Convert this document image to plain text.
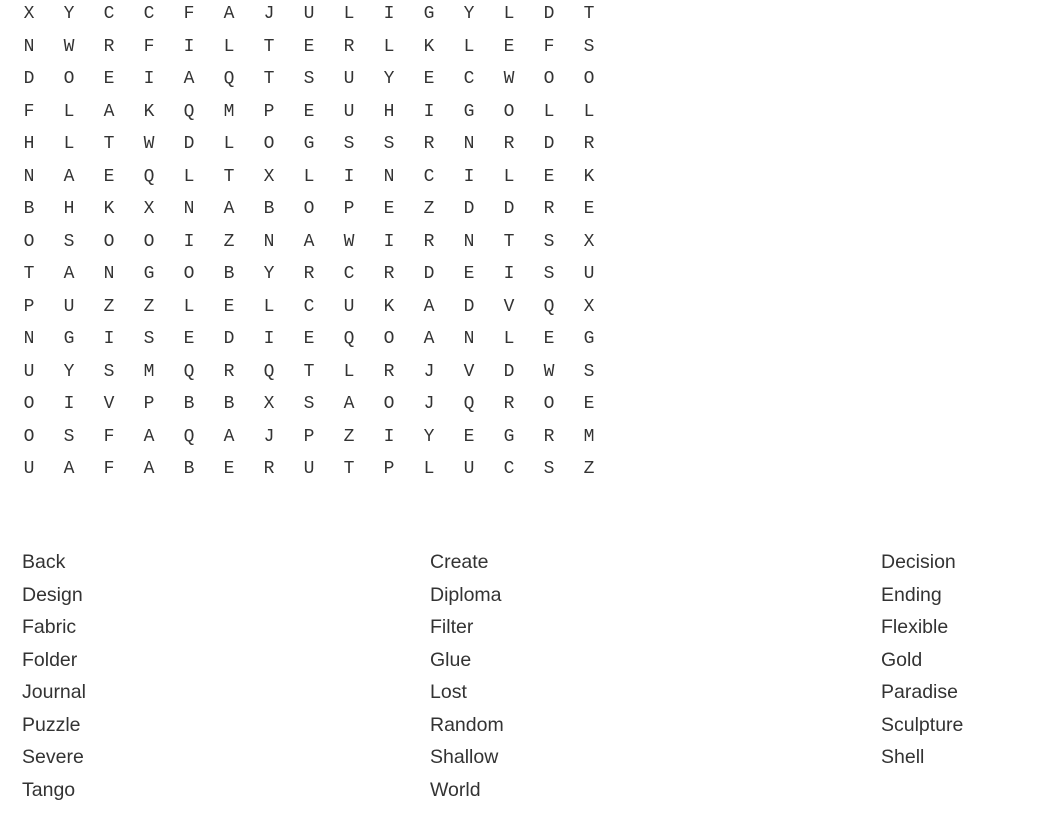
X	Y	C	C	F	A	J	U	L	I	G	Y	L	D	T
N	W	R	F	I	L	T	E	R	L	K	L	E	F	S
D	O	E	I	A	Q	T	S	U	Y	E	C	W	O	O
F	L	A	K	Q	M	P	E	U	H	I	G	O	L	L
H	L	T	W	D	L	O	G	S	S	R	N	R	D	R
N	A	E	Q	L	T	X	L	I	N	C	I	L	E	K
B	H	K	X	N	A	B	O	P	E	Z	D	D	R	E
O	S	O	O	I	Z	N	A	W	I	R	N	T	S	X
T	A	N	G	O	B	Y	R	C	R	D	E	I	S	U
P	U	Z	Z	L	E	L	C	U	K	A	D	V	Q	X
N	G	I	S	E	D	I	E	Q	O	A	N	L	E	G
U	Y	S	M	Q	R	Q	T	L	R	J	V	D	W	S
O	I	V	P	B	B	X	S	A	O	J	Q	R	O	E
O	S	F	A	Q	A	J	P	Z	I	Y	E	G	R	M
U	A	F	A	B	E	R	U	T	P	L	U	C	S	Z
Back
Design
Fabric
Folder
Journal
Puzzle
Severe
Tango
Create
Diploma
Filter
Glue
Lost
Random
Shallow
World
Decision
Ending
Flexible
Gold
Paradise
Sculpture
Shell
